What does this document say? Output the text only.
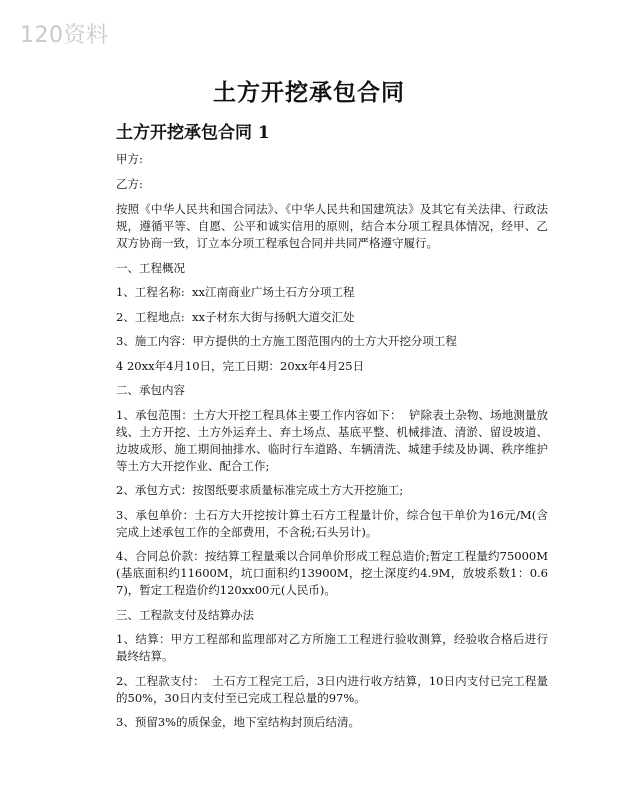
120资料
土方开挖承包合同
土方开挖承包合同 1

甲方:

乙方:

按照《中华人民共和国合同法》、《中华人民共和国建筑法》及其它有关法律、行政法规，遵循平等、自愿、公平和诚实信用的原则，结合本分项工程具体情况，经甲、乙双方协商一致，订立本分项工程承包合同并共同严格遵守履行。

一、工程概况

1、工程名称:  xx江南商业广场土石方分项工程

2、工程地点:  xx子材东大街与扬帆大道交汇处

3、施工内容：甲方提供的土方施工图范围内的土方大开挖分项工程

4 20xx年4月10日，完工日期：20xx年4月25日

二、承包内容

1、承包范围：土方大开挖工程具体主要工作内容如下：  铲除表土杂物、场地测量放线、土方开挖、土方外运弃土、弃土场点、基底平整、机械排渣、清淤、留设坡道、边坡成形、施工期间抽排水、临时行车道路、车辆清洗、城建手续及协调、秩序维护等土方大开挖作业、配合工作;

2、承包方式：按图纸要求质量标准完成土方大开挖施工;

3、承包单价：土石方大开挖按计算土石方工程量计价，综合包干单价为16元/M(含完成上述承包工作的全部费用，不含税;石头另计)。

4、合同总价款：按结算工程量乘以合同单价形成工程总造价;暂定工程量约75000M(基底面积约11600M，坑口面积约13900M，挖土深度约4.9M，放坡系数1：0.67)，暂定工程造价约120xx00元(人民币)。

三、工程款支付及结算办法

1、结算：甲方工程部和监理部对乙方所施工工程进行验收测算，经验收合格后进行最终结算。

2、工程款支付：  土石方工程完工后，3日内进行收方结算，10日内支付已完工程量的50%，30日内支付至已完成工程总量的97%。

3、预留3%的质保金，地下室结构封顶后结清。
